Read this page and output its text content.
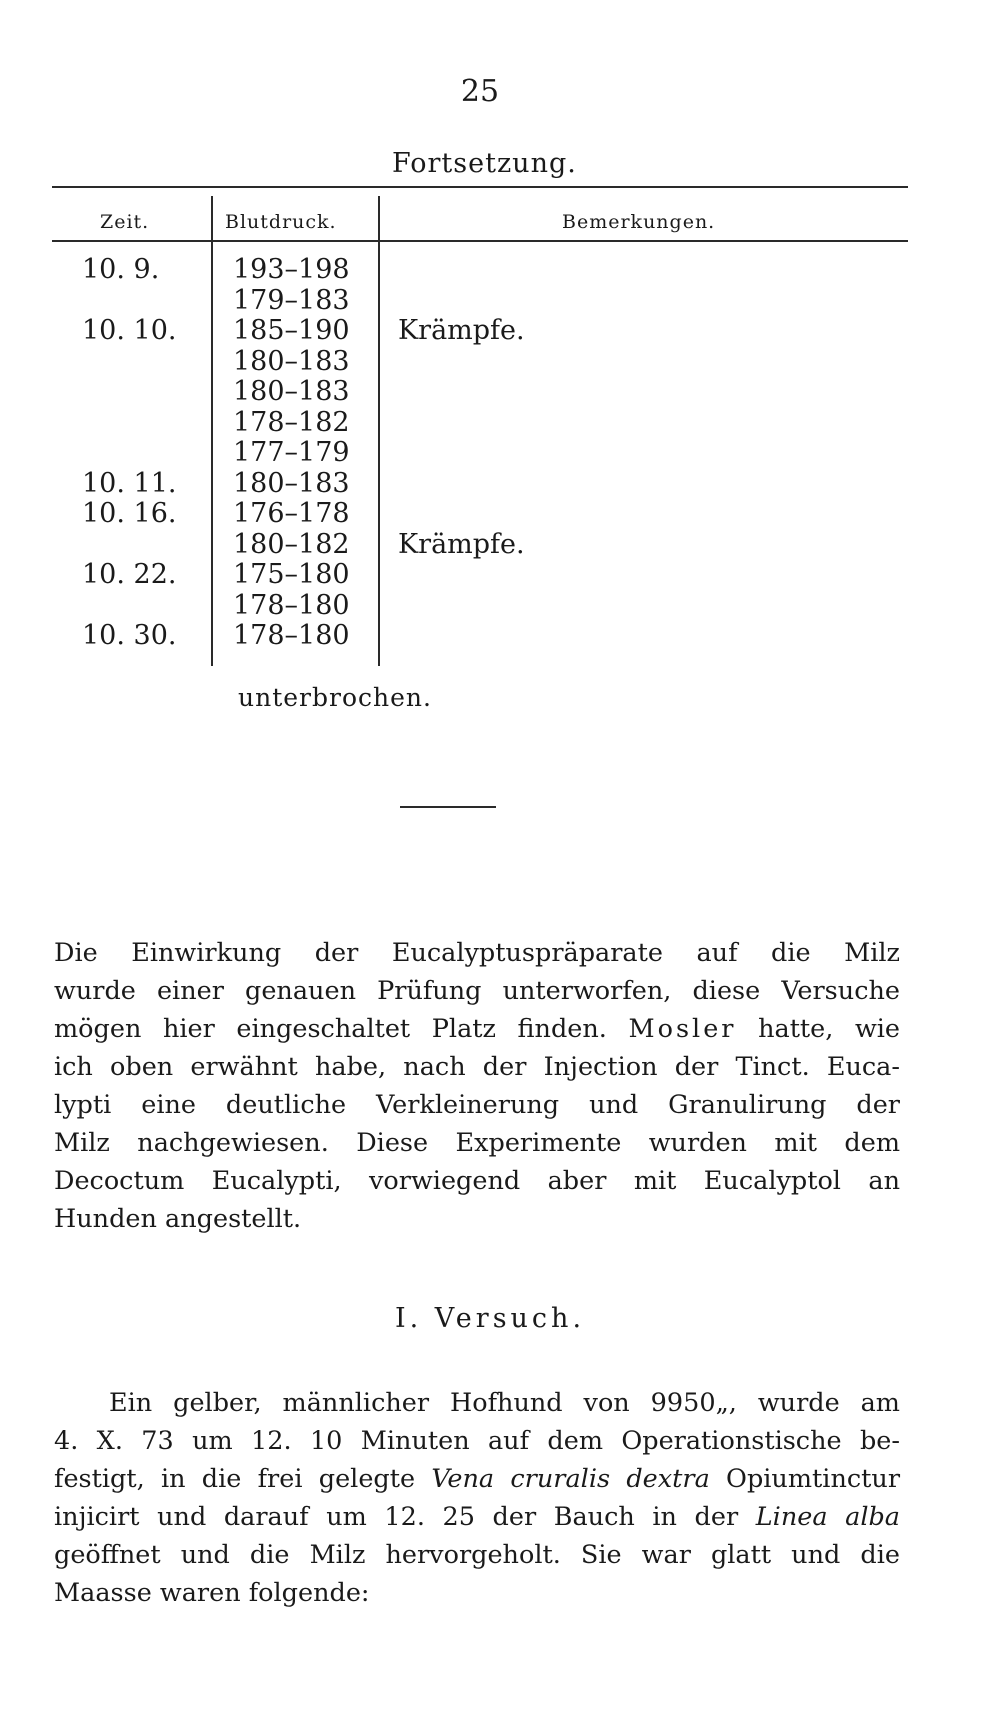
25
Fortsetzung.
Zeit.	Blutdruck.	Bemerkungen.
10. 9.
10. 10.
10. 11.
10. 16.
10. 22.
10. 30.
193–198
179–183
185–190
180–183
180–183
178–182
177–179
180–183
176–178
180–182
175–180
178–180
178–180
Krämpfe.
Krämpfe.
unterbrochen.
Die Einwirkung der Eucalyptuspräparate auf die Milz
wurde einer genauen Prüfung unterworfen, diese Versuche
mögen hier eingeschaltet Platz finden. Mosler hatte, wie
ich oben erwähnt habe, nach der Injection der Tinct. Euca-
lypti eine deutliche Verkleinerung und Granulirung der
Milz nachgewiesen. Diese Experimente wurden mit dem
Decoctum Eucalypti, vorwiegend aber mit Eucalyptol an
Hunden angestellt.
I. Versuch.
Ein gelber, männlicher Hofhund von 9950„, wurde am
4. X. 73 um 12. 10 Minuten auf dem Operationstische be-
festigt, in die frei gelegte Vena cruralis dextra Opiumtinctur
injicirt und darauf um 12. 25 der Bauch in der Linea alba
geöffnet und die Milz hervorgeholt. Sie war glatt und die
Maasse waren folgende:
